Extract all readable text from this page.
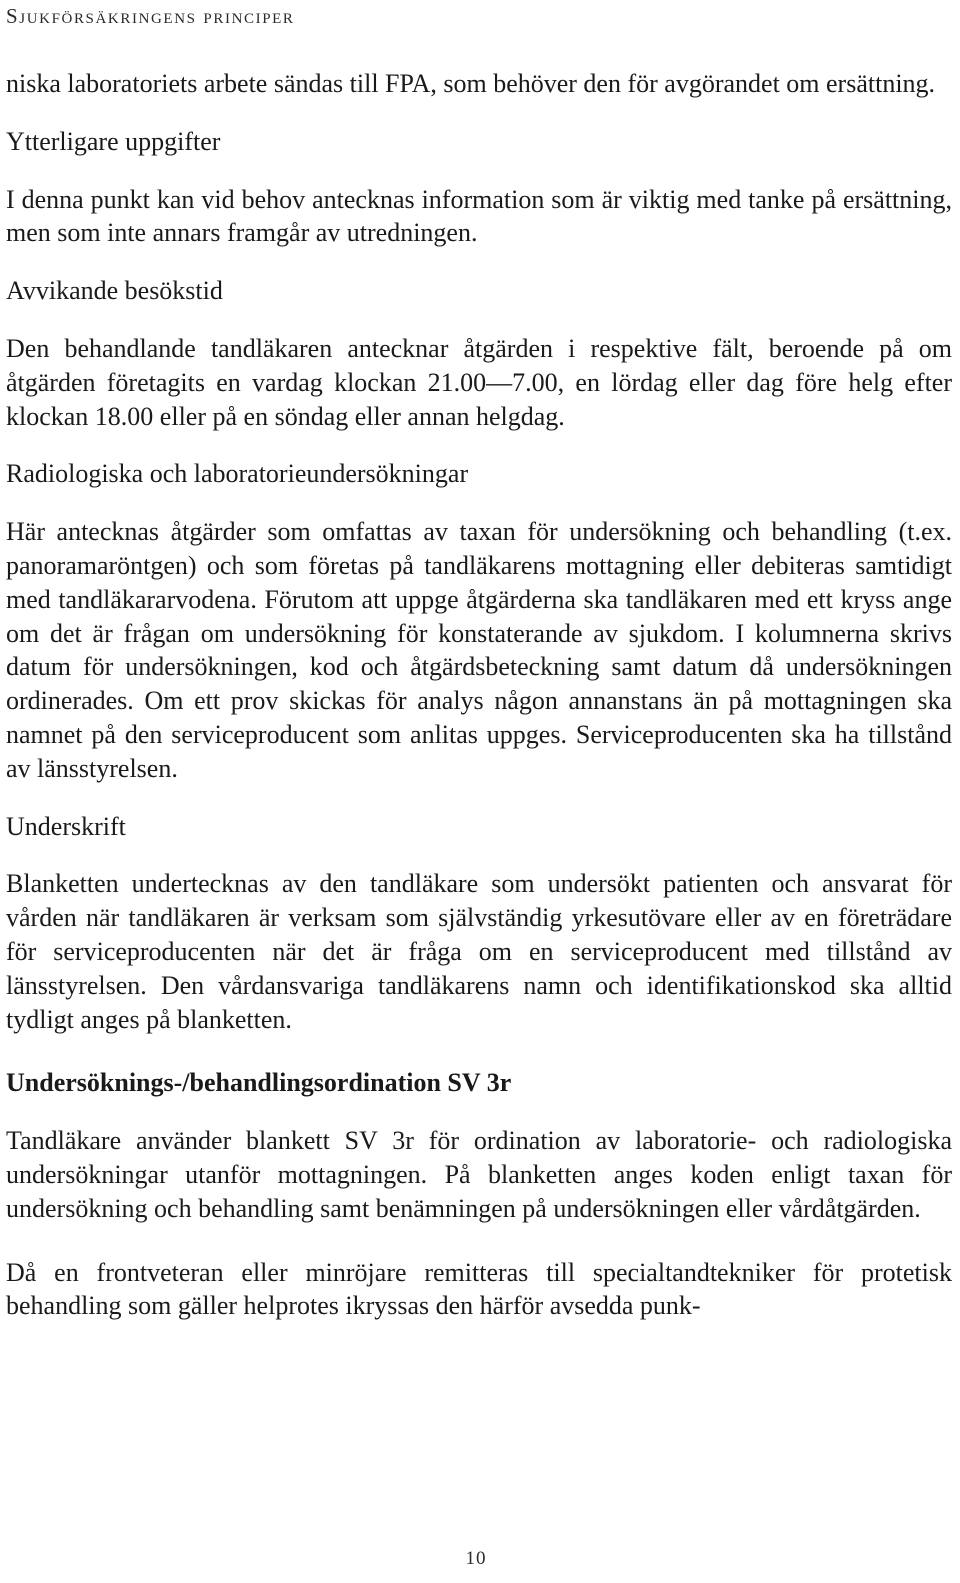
Sjukförsäkringens principer

niska laboratoriets arbete sändas till FPA, som behöver den för avgörandet om ersättning.

Ytterligare uppgifter

I denna punkt kan vid behov antecknas information som är viktig med tanke på ersättning, men som inte annars framgår av utredningen.

Avvikande besökstid

Den behandlande tandläkaren antecknar åtgärden i respektive fält, beroende på om åtgärden företagits en vardag klockan 21.00—7.00, en lördag eller dag före helg efter klockan 18.00 eller på en söndag eller annan helgdag.

Radiologiska och laboratorieundersökningar

Här antecknas åtgärder som omfattas av taxan för undersökning och behandling (t.ex. panoramaröntgen) och som företas på tandläkarens mottagning eller debiteras samtidigt med tandläkararvodena. Förutom att uppge åtgärderna ska tandläkaren med ett kryss ange om det är frågan om undersökning för konstaterande av sjukdom. I kolumnerna skrivs datum för undersökningen, kod och åtgärdsbeteckning samt datum då undersökningen ordinerades. Om ett prov skickas för analys någon annanstans än på mottagningen ska namnet på den serviceproducent som anlitas uppges. Serviceproducenten ska ha tillstånd av länsstyrelsen.

Underskrift

Blanketten undertecknas av den tandläkare som undersökt patienten och ansvarat för vården när tandläkaren är verksam som självständig yrkesutövare eller av en företrädare för serviceproducenten när det är fråga om en serviceproducent med tillstånd av länsstyrelsen. Den vårdansvariga tandläkarens namn och identifikationskod ska alltid tydligt anges på blanketten.

Undersöknings-/behandlingsordination SV 3r

Tandläkare använder blankett SV 3r för ordination av laboratorie- och radiologiska undersökningar utanför mottagningen. På blanketten anges koden enligt taxan för undersökning och behandling samt benämningen på undersökningen eller vårdåtgärden.

Då en frontveteran eller minröjare remitteras till specialtandtekniker för protetisk behandling som gäller helprotes ikryssas den härför avsedda punk-

10
